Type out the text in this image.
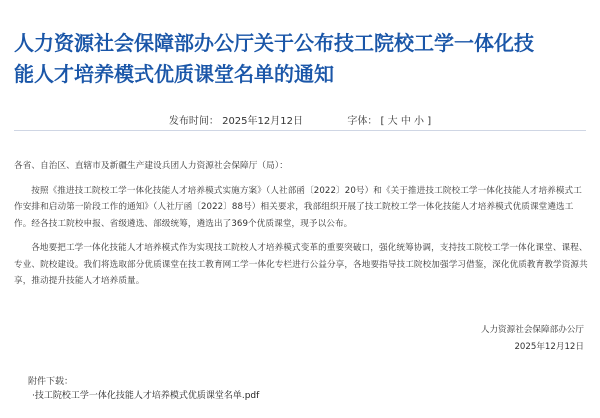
人力资源社会保障部办公厅关于公布技工院校工学一体化技
能人才培养模式优质课堂名单的通知
发布时间： 2025年12月12日	字体： [ 大 中 小 ]

各省、自治区、直辖市及新疆生产建设兵团人力资源社会保障厅（局）：

按照《推进技工院校工学一体化技能人才培养模式实施方案》（人社部函〔2022〕20号）和《关于推进技工院校工学一体化技能人才培养模式工作安排和启动第一阶段工作的通知》（人社厅函〔2022〕88号）相关要求，我部组织开展了技工院校工学一体化技能人才培养模式优质课堂遴选工作。经各技工院校申报、省级遴选、部级统筹，遴选出了369个优质课堂，现予以公布。

各地要把工学一体化技能人才培养模式作为实现技工院校人才培养模式变革的重要突破口，强化统筹协调，支持技工院校工学一体化课堂、课程、专业、院校建设。我们将选取部分优质课堂在技工教育网工学一体化专栏进行公益分享，各地要指导技工院校加强学习借鉴，深化优质教育教学资源共享，推动提升技能人才培养质量。

人力资源社会保障部办公厅
2025年12月12日
附件下载：
·技工院校工学一体化技能人才培养模式优质课堂名单.pdf
